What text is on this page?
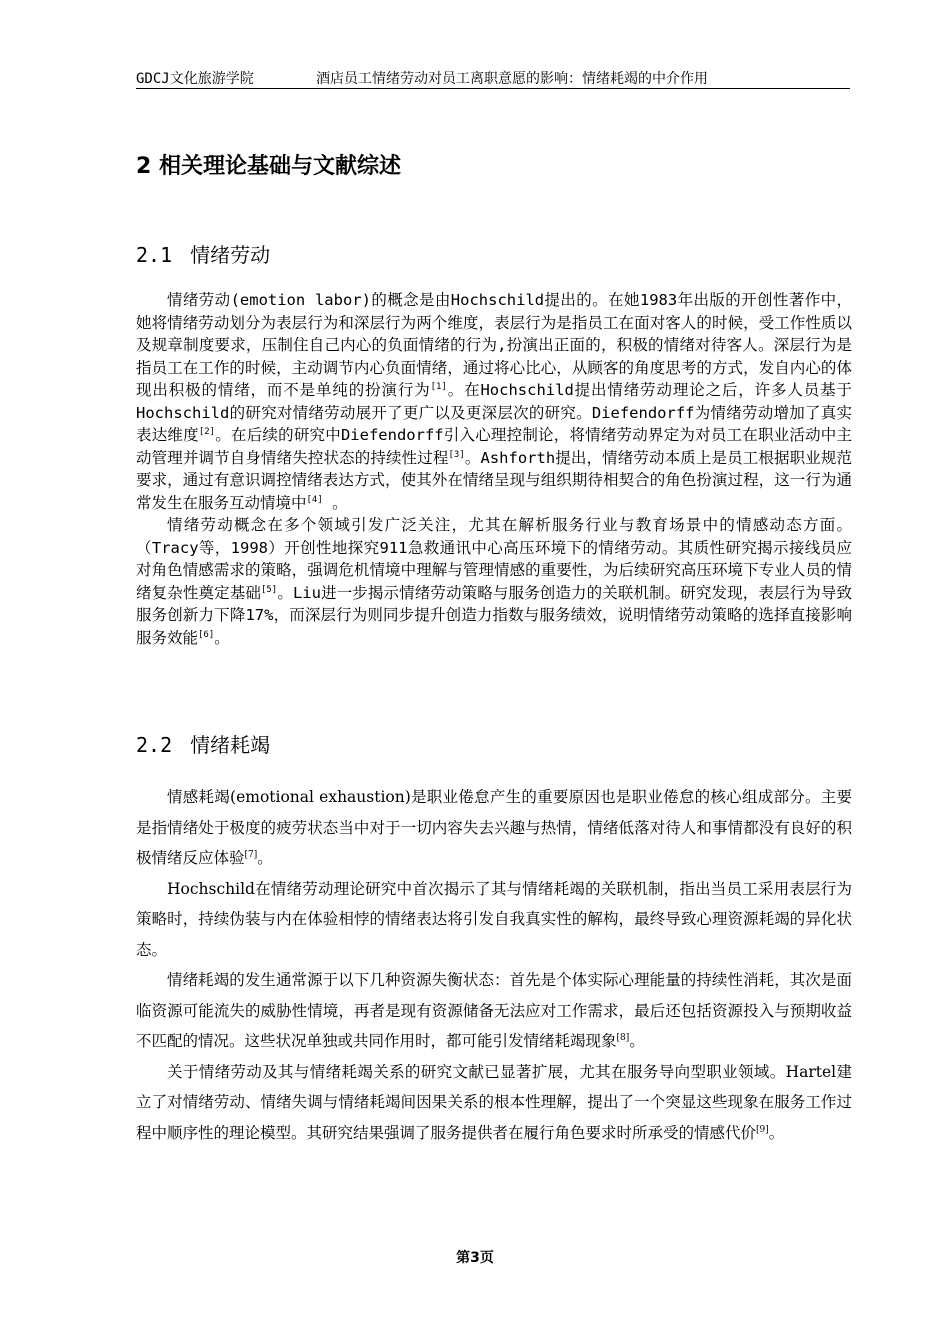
GDCJ文化旅游学院	酒店员工情绪劳动对员工离职意愿的影响：情绪耗竭的中介作用
2 相关理论基础与文献综述
2.1 情绪劳动

情绪劳动(emotion labor)的概念是由Hochschild提出的。在她1983年出版的开创性著作中，她将情绪劳动划分为表层行为和深层行为两个维度，表层行为是指员工在面对客人的时候，受工作性质以及规章制度要求，压制住自己内心的负面情绪的行为,扮演出正面的，积极的情绪对待客人。深层行为是指员工在工作的时候，主动调节内心负面情绪，通过将心比心，从顾客的角度思考的方式，发自内心的体现出积极的情绪，而不是单纯的扮演行为[1]。在Hochschild提出情绪劳动理论之后，许多人员基于Hochschild的研究对情绪劳动展开了更广以及更深层次的研究。Diefendorff为情绪劳动增加了真实表达维度[2]。在后续的研究中Diefendorff引入心理控制论，将情绪劳动界定为对员工在职业活动中主动管理并调节自身情绪失控状态的持续性过程[3]。Ashforth提出，情绪劳动本质上是员工根据职业规范要求，通过有意识调控情绪表达方式，使其外在情绪呈现与组织期待相契合的角色扮演过程，这一行为通常发生在服务互动情境中[4] 。

情绪劳动概念在多个领域引发广泛关注，尤其在解析服务行业与教育场景中的情感动态方面。（Tracy等，1998）开创性地探究911急救通讯中心高压环境下的情绪劳动。其质性研究揭示接线员应对角色情感需求的策略，强调危机情境中理解与管理情感的重要性，为后续研究高压环境下专业人员的情绪复杂性奠定基础[5]。Liu进一步揭示情绪劳动策略与服务创造力的关联机制。研究发现，表层行为导致服务创新力下降17%，而深层行为则同步提升创造力指数与服务绩效，说明情绪劳动策略的选择直接影响服务效能[6]。

2.2 情绪耗竭

情感耗竭(emotional exhaustion)是职业倦怠产生的重要原因也是职业倦怠的核心组成部分。主要是指情绪处于极度的疲劳状态当中对于一切内容失去兴趣与热情，情绪低落对待人和事情都没有良好的积极情绪反应体验[7]。

Hochschild在情绪劳动理论研究中首次揭示了其与情绪耗竭的关联机制，指出当员工采用表层行为策略时，持续伪装与内在体验相悖的情绪表达将引发自我真实性的解构，最终导致心理资源耗竭的异化状态。

情绪耗竭的发生通常源于以下几种资源失衡状态：首先是个体实际心理能量的持续性消耗，其次是面临资源可能流失的威胁性情境，再者是现有资源储备无法应对工作需求，最后还包括资源投入与预期收益不匹配的情况。这些状况单独或共同作用时，都可能引发情绪耗竭现象[8]。

关于情绪劳动及其与情绪耗竭关系的研究文献已显著扩展，尤其在服务导向型职业领域。Hartel建立了对情绪劳动、情绪失调与情绪耗竭间因果关系的根本性理解，提出了一个突显这些现象在服务工作过程中顺序性的理论模型。其研究结果强调了服务提供者在履行角色要求时所承受的情感代价[9]。

第3页
